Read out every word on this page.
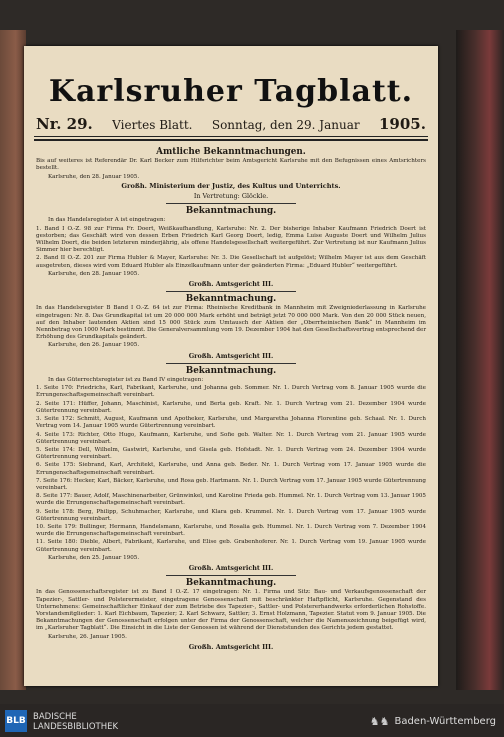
Karlsruher Tagblatt.
Nr. 29. Viertes Blatt. Sonntag, den 29. Januar 1905.
Amtliche Bekanntmachungen.

Bis auf weiteres ist Referendär Dr. Karl Becker zum Hilfsrichter beim Amtsgericht Karlsruhe mit den Befugnissen eines Amtsrichters bestellt.

Karlsruhe, den 28. Januar 1905.

Großh. Ministerium der Justiz, des Kultus und Unterrichts.
In Vertretung: Glöckle.
Bekanntmachung.

In das Handelsregister A ist eingetragen:

1. Band I O.-Z. 98 zur Firma Fr. Doert, Weißkaufhandlung, Karlsruhe: Nr. 2. Der bisherige Inhaber Kaufmann Friedrich Doert ist gestorben; das Geschäft wird von dessen Erben Friedrich Karl Georg Doert, ledig, Emma Luise Auguste Doert und Wilhelm Julius Wilhelm Doert, die beiden letzteren minderjährig, als offene Handelsgesellschaft weitergeführt. Zur Vertretung ist nur Kaufmann Julius Simmer hier berechtigt.

2. Band II O.-Z. 201 zur Firma Hubler & Mayer, Karlsruhe: Nr. 3. Die Gesellschaft ist aufgelöst; Wilhelm Mayer ist aus dem Geschäft ausgetreten, dieses wird vom Eduard Hubler als Einzelkaufmann unter der geänderten Firma: „Eduard Hubler“ weitergeführt.

Karlsruhe, den 28. Januar 1905.

Großh. Amtsgericht III.
Bekanntmachung.

In das Handelsregister B Band I O.-Z. 64 ist zur Firma: Rheinische Kreditbank in Mannheim mit Zweigniederlassung in Karlsruhe eingetragen: Nr. 8. Das Grundkapital ist um 20 000 000 Mark erhöht und beträgt jetzt 70 000 000 Mark. Von den 20 000 Stück neuen, auf den Inhaber lautenden Aktien sind 15 000 Stück zum Umtausch der Aktien der „Oberrheinischen Bank“ in Mannheim im Nennbetrag von 1000 Mark bestimmt. Die Generalversammlung vom 19. Dezember 1904 hat den Gesellschaftsvertrag entsprechend der Erhöhung des Grundkapitals geändert.

Karlsruhe, den 26. Januar 1905.

Großh. Amtsgericht III.
Bekanntmachung.

In das Güterrechtsregister ist zu Band IV eingetragen:

1. Seite 170: Friedrichs, Karl, Fabrikant, Karlsruhe, und Johanna geb. Sommer. Nr. 1. Durch Vertrag vom 8. Januar 1905 wurde die Errungenschaftsgemeinschaft vereinbart.

2. Seite 171: Hüffer, Johann, Maschinist, Karlsruhe, und Berta geb. Kraft. Nr. 1. Durch Vertrag vom 21. Dezember 1904 wurde Gütertrennung vereinbart.

3. Seite 172: Schmitt, August, Kaufmann und Apotheker, Karlsruhe, und Margaretha Johanna Florentine geb. Schaal. Nr. 1. Durch Vertrag vom 14. Januar 1905 wurde Gütertrennung vereinbart.

4. Seite 173: Richter, Otto Hugo, Kaufmann, Karlsruhe, und Sofie geb. Walter. Nr. 1. Durch Vertrag vom 21. Januar 1905 wurde Gütertrennung vereinbart.

5. Seite 174: Dell, Wilhelm, Gastwirt, Karlsruhe, und Gisela geb. Hofstadt. Nr. 1. Durch Vertrag vom 24. Dezember 1904 wurde Gütertrennung vereinbart.

6. Seite 175: Siebrand, Karl, Architekt, Karlsruhe, und Anna geb. Beder. Nr. 1. Durch Vertrag vom 17. Januar 1905 wurde die Errungenschaftsgemeinschaft vereinbart.

7. Seite 176: Hecker, Karl, Bäcker, Karlsruhe, und Rosa geb. Hartmann. Nr. 1. Durch Vertrag vom 17. Januar 1905 wurde Gütertrennung vereinbart.

8. Seite 177: Bauer, Adolf, Maschinenarbeiter, Grünwinkel, und Karoline Frieda geb. Hummel. Nr. 1. Durch Vertrag vom 13. Januar 1905 wurde die Errungenschaftsgemeinschaft vereinbart.

9. Seite 178: Berg, Philipp, Schuhmacher, Karlsruhe, und Klara geb. Krummel. Nr. 1. Durch Vertrag vom 17. Januar 1905 wurde Gütertrennung vereinbart.

10. Seite 179: Bullinger, Hermann, Handelsmann, Karlsruhe, und Rosalia geb. Hummel. Nr. 1. Durch Vertrag vom 7. Dezember 1904 wurde die Errungenschaftsgemeinschaft vereinbart.

11. Seite 180: Dieble, Albert, Fabrikant, Karlsruhe, und Elise geb. Grabenhoferer. Nr. 1. Durch Vertrag vom 19. Januar 1905 wurde Gütertrennung vereinbart.

Karlsruhe, den 25. Januar 1905.

Großh. Amtsgericht III.
Bekanntmachung.

In das Genossenschaftsregister ist zu Band I O.-Z. 17 eingetragen: Nr. 1. Firma und Sitz: Bau- und Verkaufsgenossenschaft der Tapezier-, Sattler- und Polsterermeister, eingetragene Genossenschaft mit beschränkter Haftpflicht, Karlsruhe. Gegenstand des Unternehmens: Gemeinschaftlicher Einkauf der zum Betriebe des Tapezier-, Sattler- und Polstererhandwerks erforderlichen Rohstoffe. Vorstandsmitglieder: 1. Karl Eichbaum, Tapezier; 2. Karl Schwarz, Sattler; 3. Ernst Holzmann, Tapezier. Statut vom 9. Januar 1905. Die Bekanntmachungen der Genossenschaft erfolgen unter der Firma der Genossenschaft, welcher die Namenszeichnung beigefügt wird, im „Karlsruher Tagblatt“. Die Einsicht in die Liste der Genossen ist während der Dienststunden des Gerichts jedem gestattet.

Karlsruhe, 26. Januar 1905.

Großh. Amtsgericht III.
BLB BADISCHE
LANDESBIBLIOTHEK	♞♞ Baden-Württemberg
